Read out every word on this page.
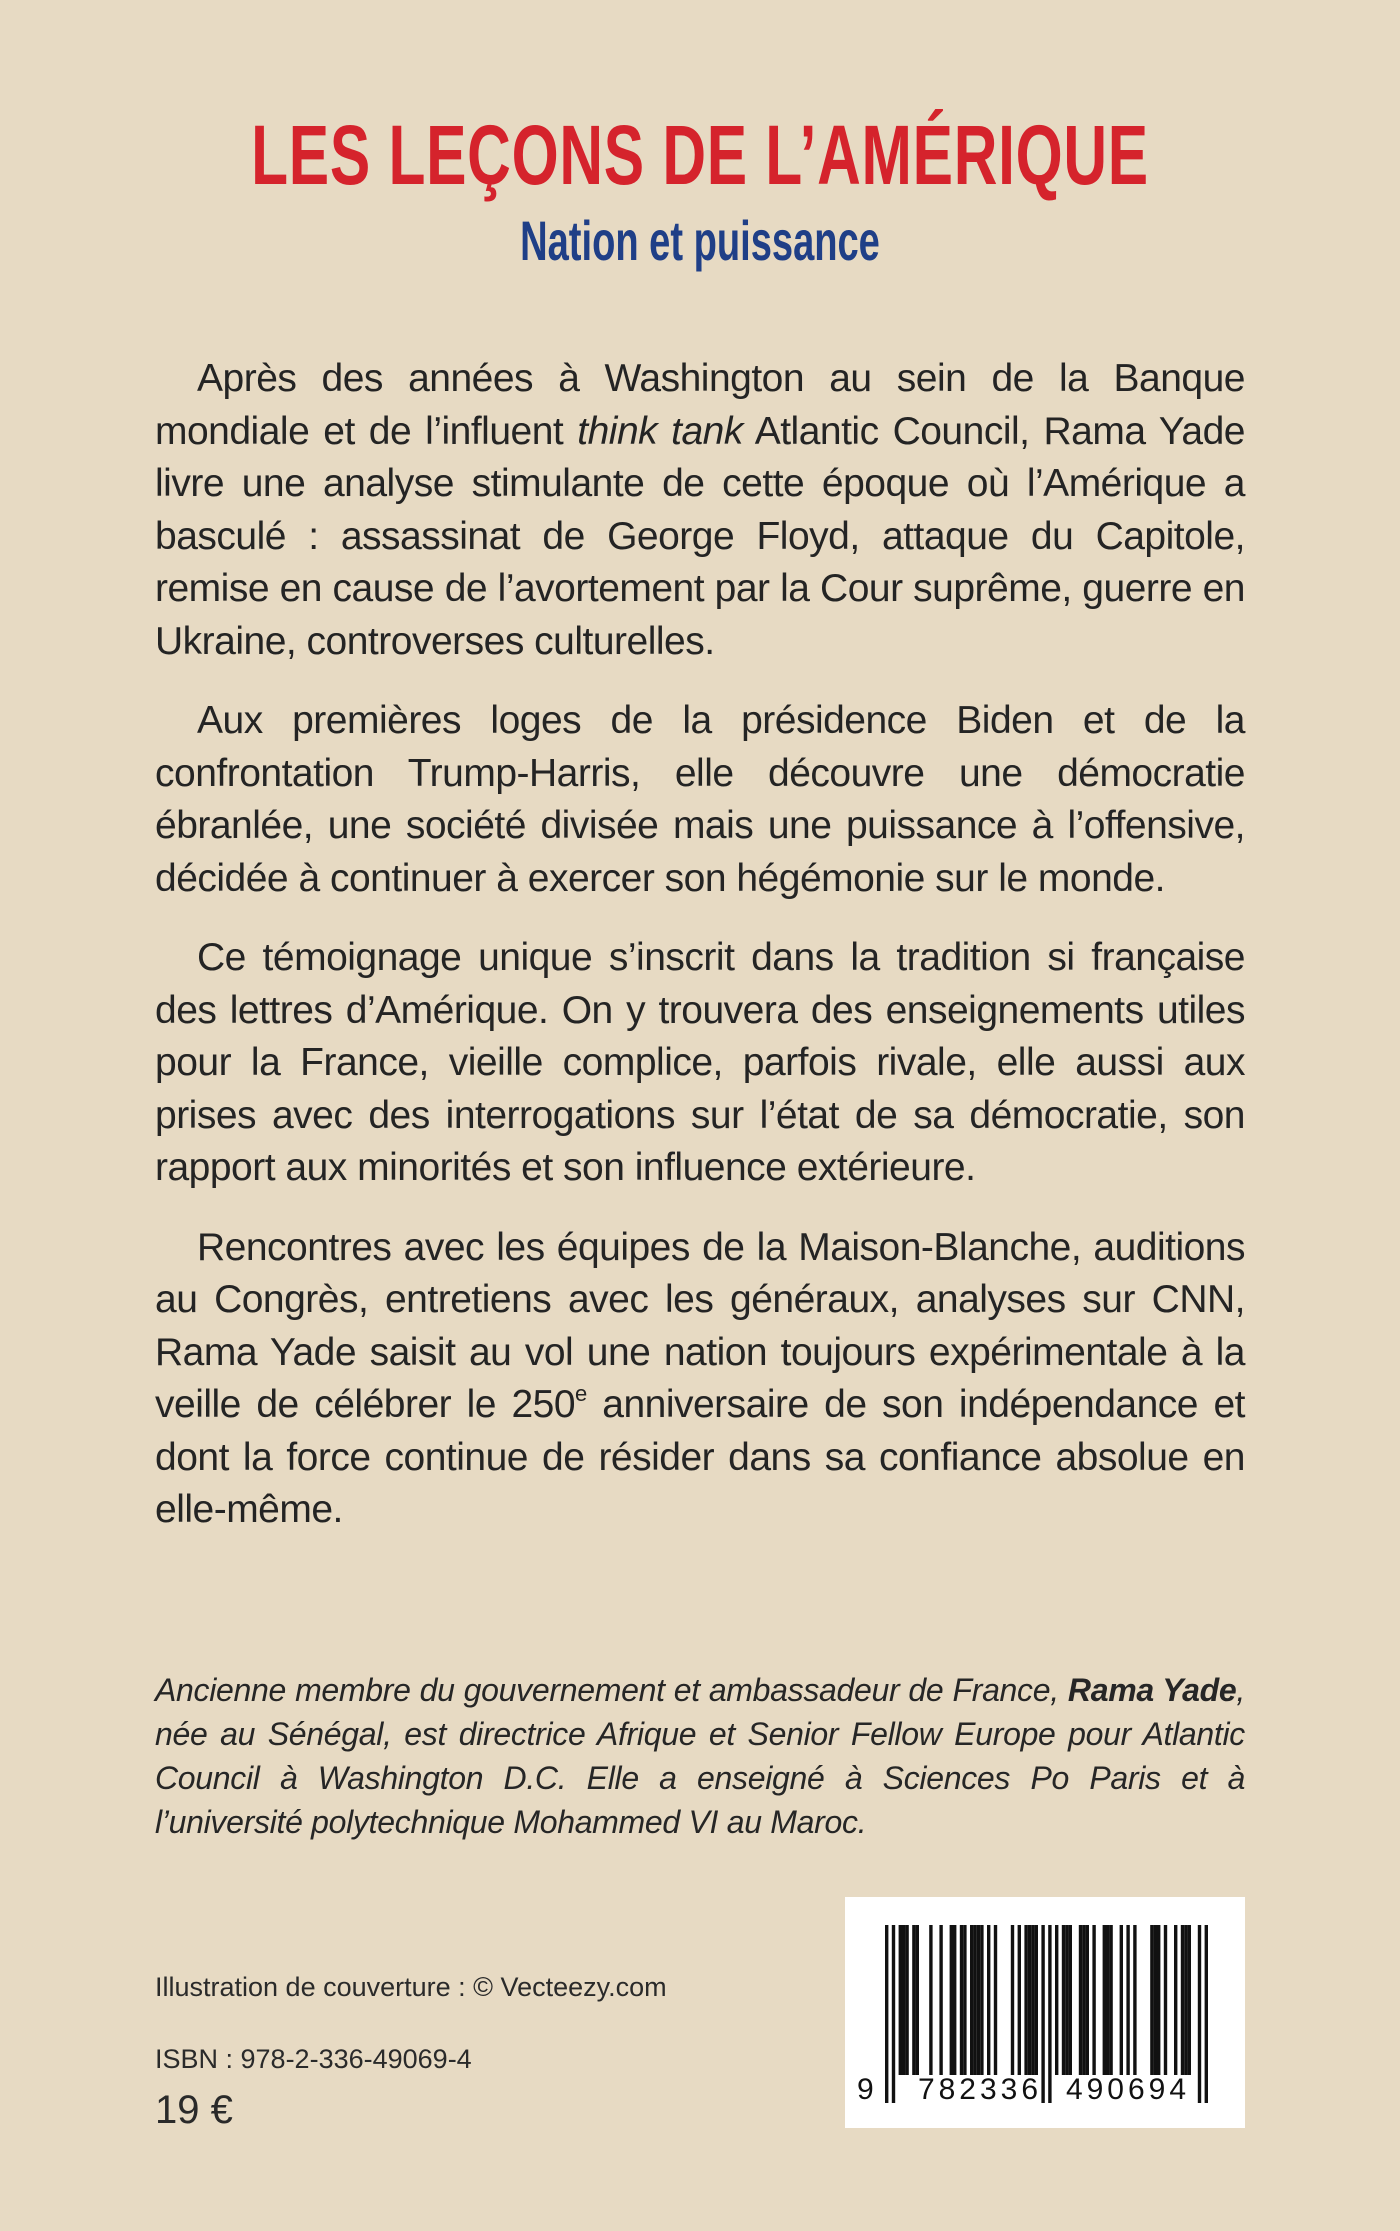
LES LEÇONS DE L’AMÉRIQUE
Nation et puissance

Après des années à Washington au sein de la Banque mondiale et de l’influent think tank Atlantic Council, Rama Yade livre une analyse stimulante de cette époque où l’Amérique a basculé : assassinat de George Floyd, attaque du Capitole, remise en cause de l’avortement par la Cour suprême, guerre en Ukraine, controverses culturelles.

Aux premières loges de la présidence Biden et de la confrontation Trump-Harris, elle découvre une démocratie ébranlée, une société divisée mais une puissance à l’offensive, décidée à continuer à exercer son hégémonie sur le monde.

Ce témoignage unique s’inscrit dans la tradition si française des lettres d’Amérique. On y trouvera des enseignements utiles pour la France, vieille complice, parfois rivale, elle aussi aux prises avec des interrogations sur l’état de sa démocratie, son rapport aux minorités et son influence extérieure.

Rencontres avec les équipes de la Maison-Blanche, auditions au Congrès, entretiens avec les généraux, analyses sur CNN, Rama Yade saisit au vol une nation toujours expérimentale à la veille de célébrer le 250e anniversaire de son indépendance et dont la force continue de résider dans sa confiance absolue en elle-même.

Ancienne membre du gouvernement et ambassadeur de France, Rama Yade, née au Sénégal, est directrice Afrique et Senior Fellow Europe pour Atlantic Council à Washington D.C. Elle a enseigné à Sciences Po Paris et à l’université polytechnique Mohammed VI au Maroc.
Illustration de couverture : © Vecteezy.com
ISBN : 978-2-336-49069-4
19 €	9 782336 490694
